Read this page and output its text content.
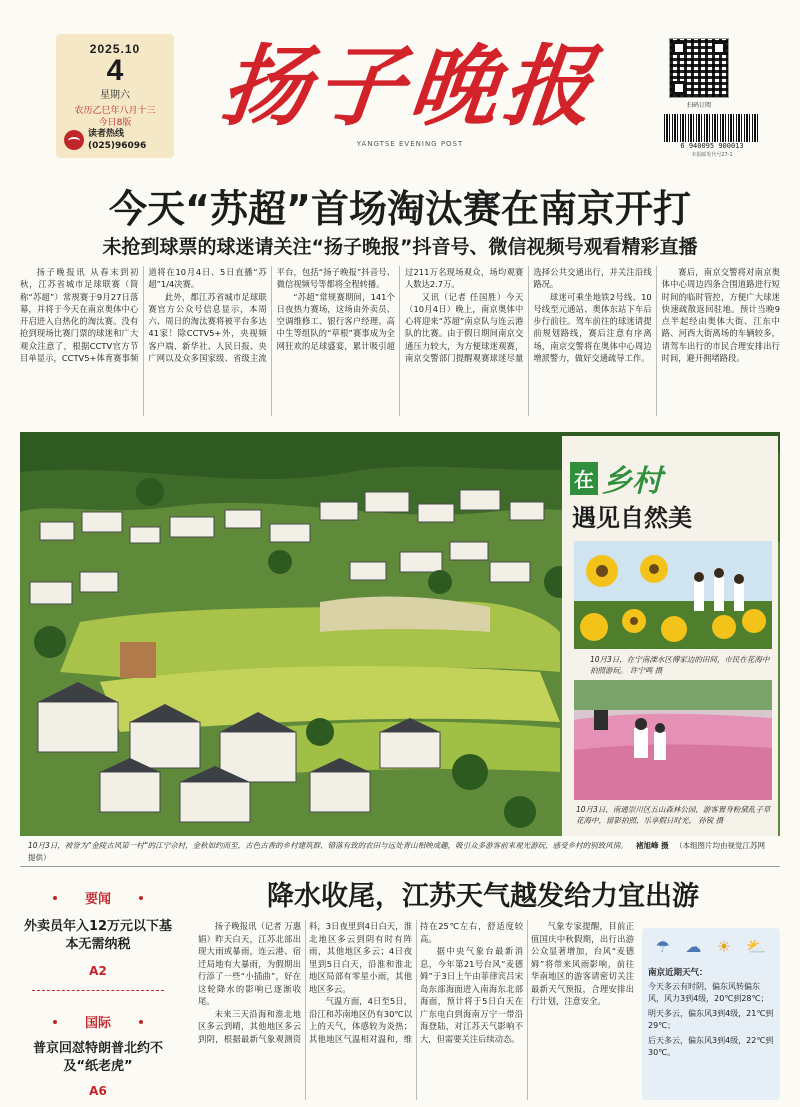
2025.10
4
星期六
农历乙巳年八月十三
今日8版
读者热线
(025)96096
扬子晚报
YANGTSE EVENING POST
扫码订阅
6 940095 900013
本报邮发代号27-1
今天“苏超”首场淘汰赛在南京开打
未抢到球票的球迷请关注“扬子晚报”抖音号、微信视频号观看精彩直播

扬子晚报讯 从春末到初秋，江苏省城市足球联赛（简称“苏超”）常规赛于9月27日落幕，并将于今天在南京奥体中心开启进入自热化的淘汰赛。没有抢到现场比赛门票的球迷和广大观众注意了，根据CCTV官方节目单显示，CCTV5+体育赛事频道将在10月4日、5日直播“苏超”1/4决赛。

此外，都江苏省城市足球联赛官方公众号信息显示，本周六、周日的淘汰赛将被平台多达41家！除CCTV5+外，央视频客户端、新华社、人民日报、央广网以及众多国家级、省级主流平台，包括“扬子晚报”抖音号、微信视频号等都将全程转播。

“苏超”常规赛期间，141个日夜热力赛场，这场由外卖员、空调维修工、银行客户经理、高中生等组队的“草根”赛事成为全网狂欢的足球盛宴，累计吸引超过211万名现场观众，场均观赛人数达2.7万。

又讯（记者 任国胜）今天（10月4日）晚上，南京奥体中心将迎来“苏超”南京队与连云港队的比赛。由于假日期间南京交通压力较大，为方便球迷观赛，南京交警部门提醒观赛球迷尽量选择公共交通出行，并关注沿线路况。

球迷可乘坐地铁2号线、10号线至元通站、奥体东站下车后步行前往。驾车前往的球迷请提前规划路线，赛后注意有序离场，南京交警将在奥体中心周边增派警力，做好交通疏导工作。

赛后，南京交警将对南京奥体中心周边四条合围道路进行短时间的临时管控，方便广大球迷快速疏散返回驻地。预计当晚9点半起经由奥体大街、江东中路、河西大街离场的车辆较多，请驾车出行的市民合理安排出行时间，避开拥堵路段。

在 乡村
遇见自然美
10月3日，在宁南溧水区傅家边的田间，市民在花海中拍照游玩。 许宁鸣 摄
10月3日，南通崇川区五山森林公园，游客置身粉黛乱子草花海中，留影拍照，乐享假日时光。 孙锐 摄
10月3日，被誉为“金陵古风第一村”的江宁佘村，金秋如约而至，古色古香的乡村建筑群、错落有致的农田与远处青山相映成趣，吸引众多游客前来观光游玩，感受乡村的别致风情。 褚旭峰 摄 （本组图片均由视觉江苏网提供）
要闻
外卖员年入12万元以下基本无需纳税
A2
国际
普京回怼特朗普北约不及“纸老虎”
A6
降水收尾，江苏天气越发给力宜出游

扬子晚报讯（记者 万惠娟）昨天白天，江苏北部出现大雨或暴雨，连云港、宿迁局地有大暴雨，为假期出行添了一些“小插曲”，好在这轮降水的影响已逐渐收尾。

未来三天沿海和淮北地区多云到晴，其他地区多云到阴，根据最新气象观测资料，3日夜里到4日白天，淮北地区多云到阴有时有阵雨，其他地区多云；4日夜里到5日白天，沿淮和淮北地区局部有零星小雨，其他地区多云。

气温方面，4日至5日，沿江和苏南地区仍有30℃以上的天气，体感较为炎热；其他地区气温相对温和，维持在25℃左右，舒适度较高。

据中央气象台最新消息，今年第21号台风“麦德姆”于3日上午由菲律宾吕宋岛东部海面进入南海东北部海面，预计将于5日白天在广东电白到海南万宁一带沿海登陆，对江苏天气影响不大，但需要关注后续动态。

气象专家提醒，目前正值国庆中秋假期，出行出游公众显著增加，台风“麦德姆”将带来风雨影响，前往华南地区的游客请密切关注最新天气预报，合理安排出行计划，注意安全。

☂ ☁ ☀ ⛅
南京近期天气：
今天多云有时阴，偏东风转偏东风，风力3到4级，20℃到28℃；
明天多云，偏东风3到4级，21℃到29℃；
后天多云，偏东风3到4级，22℃到30℃。
